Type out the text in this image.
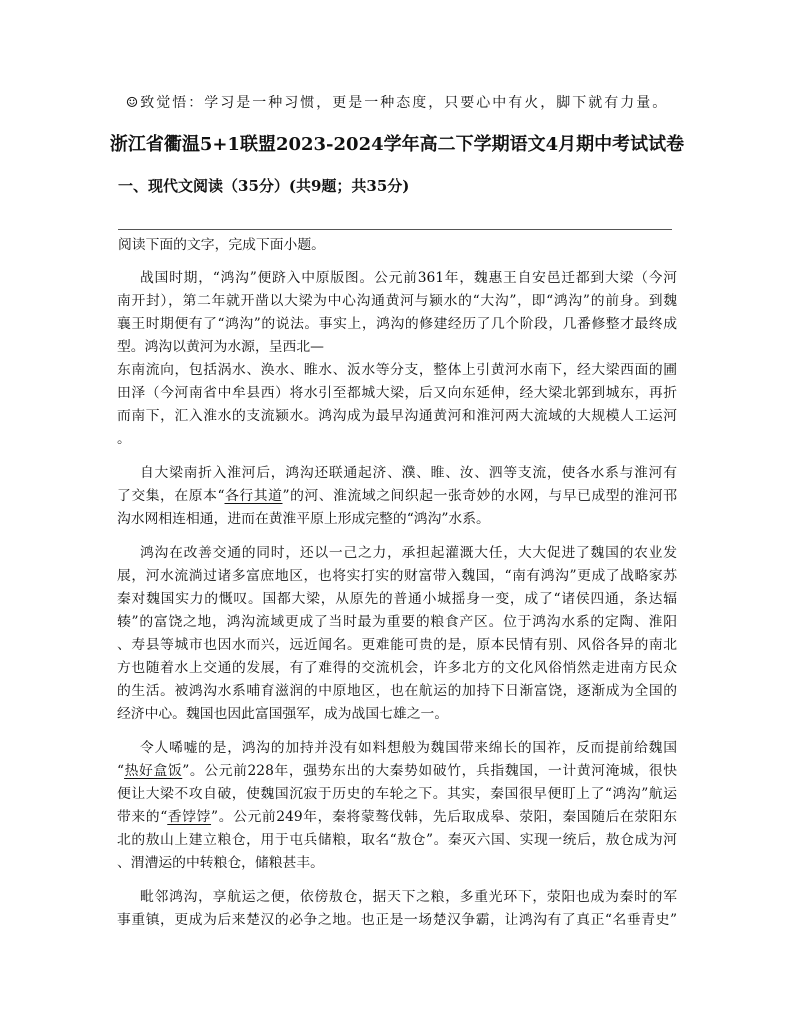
☺致觉悟：学习是一种习惯，更是一种态度，只要心中有火，脚下就有力量。
浙江省衢温5+1联盟2023-2024学年高二下学期语文4月期中考试试卷
一、现代文阅读（35分）(共9题；共35分)
阅读下面的文字，完成下面小题。
战国时期，“鸿沟”便跻入中原版图。公元前361年，魏惠王自安邑迁都到大梁（今河
南开封），第二年就开凿以大梁为中心沟通黄河与颍水的“大沟”，即“鸿沟”的前身。到魏
襄王时期便有了“鸿沟”的说法。事实上，鸿沟的修建经历了几个阶段，几番修整才最终成
型。鸿沟以黄河为水源，呈西北—
东南流向，包括涡水、涣水、睢水、汳水等分支，整体上引黄河水南下，经大梁西面的圃
田泽（今河南省中牟县西）将水引至都城大梁，后又向东延伸，经大梁北郭到城东，再折
而南下，汇入淮水的支流颍水。鸿沟成为最早沟通黄河和淮河两大流域的大规模人工运河
。
自大梁南折入淮河后，鸿沟还联通起济、濮、睢、汝、泗等支流，使各水系与淮河有
了交集，在原本“各行其道”的河、淮流域之间织起一张奇妙的水网，与早已成型的淮河邗
沟水网相连相通，进而在黄淮平原上形成完整的“鸿沟”水系。
鸿沟在改善交通的同时，还以一己之力，承担起灌溉大任，大大促进了魏国的农业发
展，河水流淌过诸多富庶地区，也将实打实的财富带入魏国，“南有鸿沟”更成了战略家苏
秦对魏国实力的慨叹。国都大梁，从原先的普通小城摇身一变，成了“诸侯四通，条达辐
辏”的富饶之地，鸿沟流域更成了当时最为重要的粮食产区。位于鸿沟水系的定陶、淮阳
、寿县等城市也因水而兴，远近闻名。更难能可贵的是，原本民情有别、风俗各异的南北
方也随着水上交通的发展，有了难得的交流机会，许多北方的文化风俗悄然走进南方民众
的生活。被鸿沟水系哺育滋润的中原地区，也在航运的加持下日渐富饶，逐渐成为全国的
经济中心。魏国也因此富国强军，成为战国七雄之一。
令人唏嘘的是，鸿沟的加持并没有如料想般为魏国带来绵长的国祚，反而提前给魏国
“热好盒饭”。公元前228年，强势东出的大秦势如破竹，兵指魏国，一计黄河淹城，很快
便让大梁不攻自破，使魏国沉寂于历史的车轮之下。其实，秦国很早便盯上了“鸿沟”航运
带来的“香饽饽”。公元前249年，秦将蒙骜伐韩，先后取成皋、荥阳，秦国随后在荥阳东
北的敖山上建立粮仓，用于屯兵储粮，取名“敖仓”。秦灭六国、实现一统后，敖仓成为河
、渭漕运的中转粮仓，储粮甚丰。
毗邻鸿沟，享航运之便，依傍敖仓，据天下之粮，多重光环下，荥阳也成为秦时的军
事重镇，更成为后来楚汉的必争之地。也正是一场楚汉争霸，让鸿沟有了真正“名垂青史”
